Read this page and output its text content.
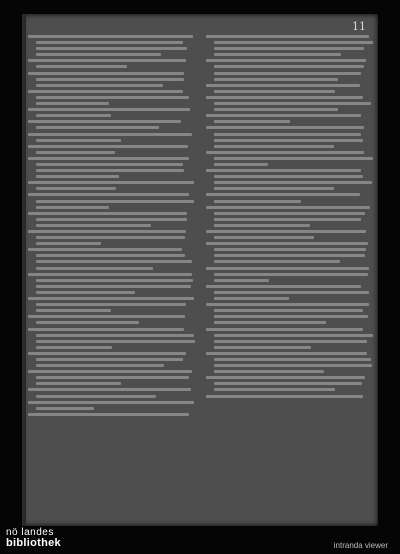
11
nö landes
bibliothek	intranda viewer
